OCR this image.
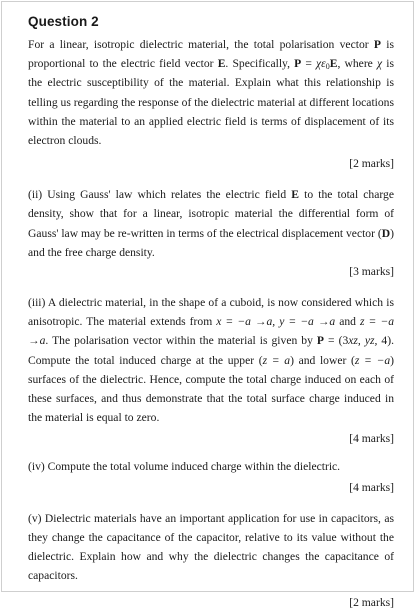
Question 2

For a linear, isotropic dielectric material, the total polarisation vector P is proportional to the electric field vector E. Specifically, $P = \chi\varepsilon_0E$, where χ is the electric susceptibility of the material. Explain what this relationship is telling us regarding the response of the dielectric material at different locations within the material to an applied electric field is terms of displacement of its electron clouds.

[2 marks]

(ii) Using Gauss' law which relates the electric field E to the total charge density, show that for a linear, isotropic material the differential form of Gauss' law may be re-written in terms of the electrical displacement vector (D) and the free charge density.

[3 marks]

(iii) A dielectric material, in the shape of a cuboid, is now considered which is anisotropic. The material extends from x = −a →a, y = −a →a and z = −a →a. The polarisation vector within the material is given by P = (3xz, yz, 4). Compute the total induced charge at the upper (z = a) and lower (z = −a) surfaces of the dielectric. Hence, compute the total charge induced on each of these surfaces, and thus demonstrate that the total surface charge induced in the material is equal to zero.

[4 marks]

(iv) Compute the total volume induced charge within the dielectric.

[4 marks]

(v) Dielectric materials have an important application for use in capacitors, as they change the capacitance of the capacitor, relative to its value without the dielectric. Explain how and why the dielectric changes the capacitance of capacitors.

[2 marks]
